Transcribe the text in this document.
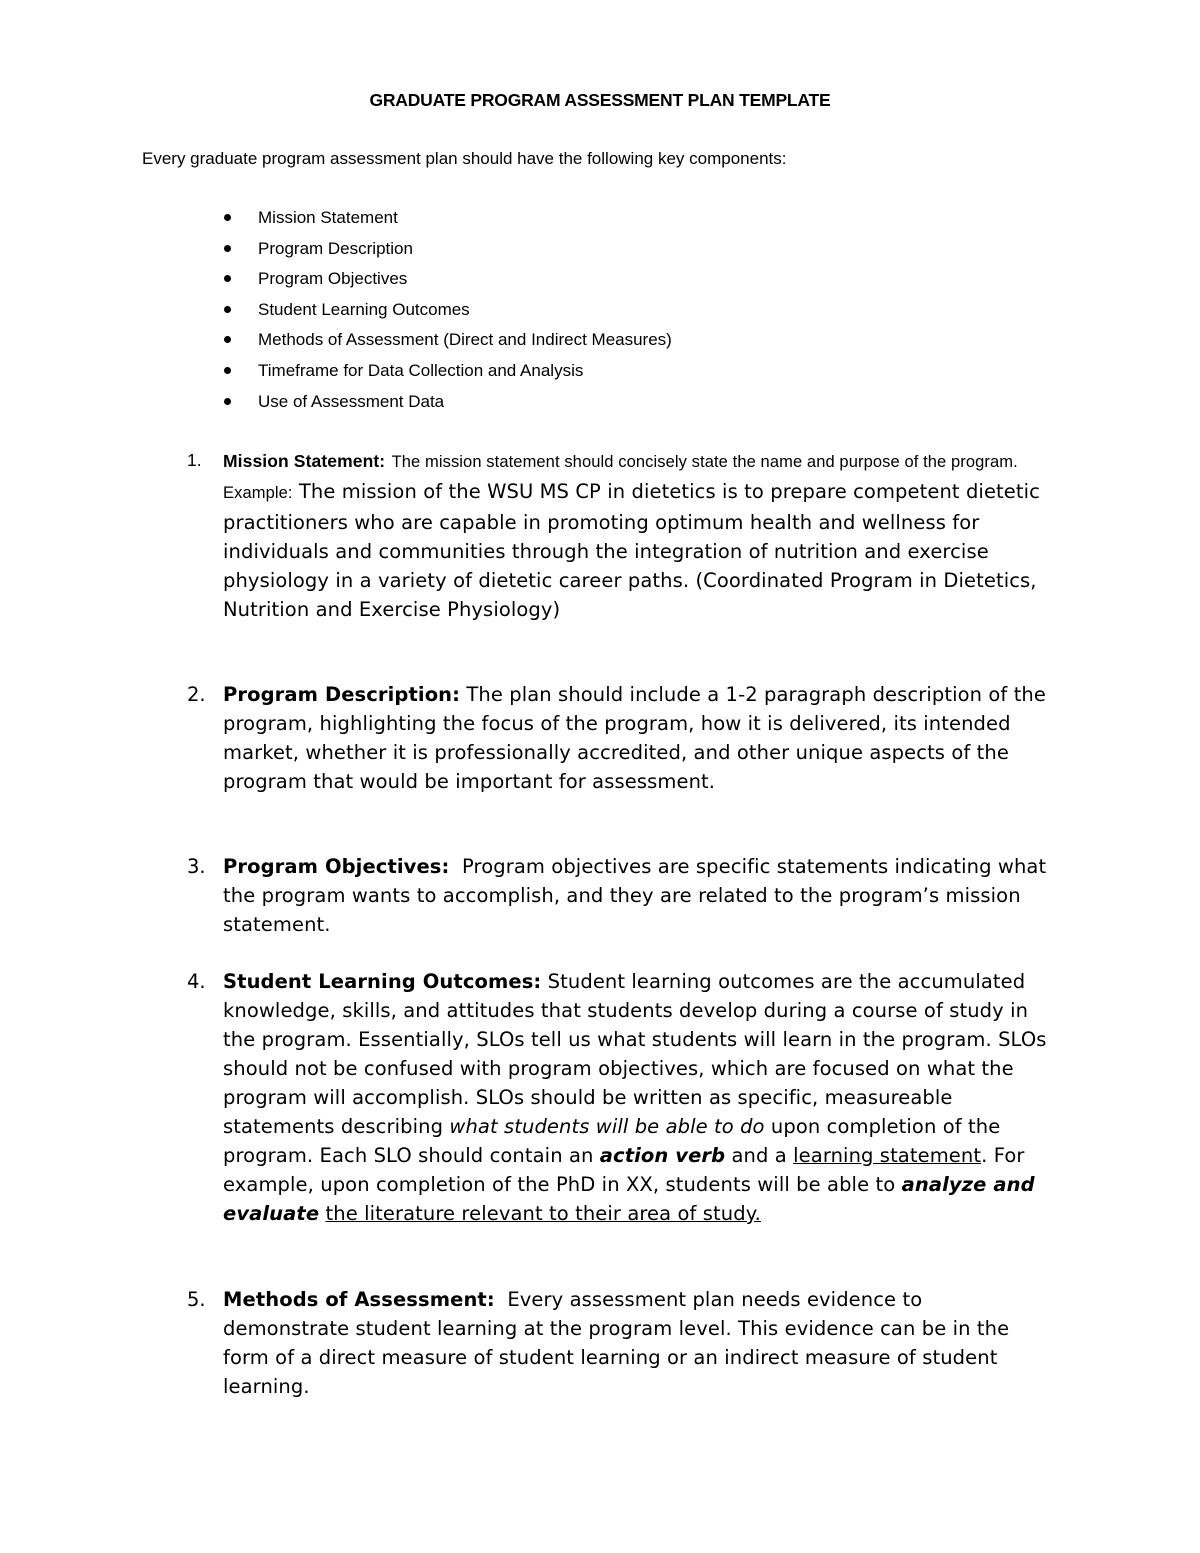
GRADUATE PROGRAM ASSESSMENT PLAN TEMPLATE
Every graduate program assessment plan should have the following key components:
Mission Statement
Program Description
Program Objectives
Student Learning Outcomes
Methods of Assessment (Direct and Indirect Measures)
Timeframe for Data Collection and Analysis
Use of Assessment Data
1. Mission Statement: The mission statement should concisely state the name and purpose of the program. Example: The mission of the WSU MS CP in dietetics is to prepare competent dietetic practitioners who are capable in promoting optimum health and wellness for individuals and communities through the integration of nutrition and exercise physiology in a variety of dietetic career paths. (Coordinated Program in Dietetics, Nutrition and Exercise Physiology)
2. Program Description: The plan should include a 1-2 paragraph description of the program, highlighting the focus of the program, how it is delivered, its intended market, whether it is professionally accredited, and other unique aspects of the program that would be important for assessment.
3. Program Objectives: Program objectives are specific statements indicating what the program wants to accomplish, and they are related to the program’s mission statement.
4. Student Learning Outcomes: Student learning outcomes are the accumulated knowledge, skills, and attitudes that students develop during a course of study in the program. Essentially, SLOs tell us what students will learn in the program. SLOs should not be confused with program objectives, which are focused on what the program will accomplish. SLOs should be written as specific, measureable statements describing what students will be able to do upon completion of the program. Each SLO should contain an action verb and a learning statement. For example, upon completion of the PhD in XX, students will be able to analyze and evaluate the literature relevant to their area of study.
5. Methods of Assessment: Every assessment plan needs evidence to demonstrate student learning at the program level. This evidence can be in the form of a direct measure of student learning or an indirect measure of student learning.
